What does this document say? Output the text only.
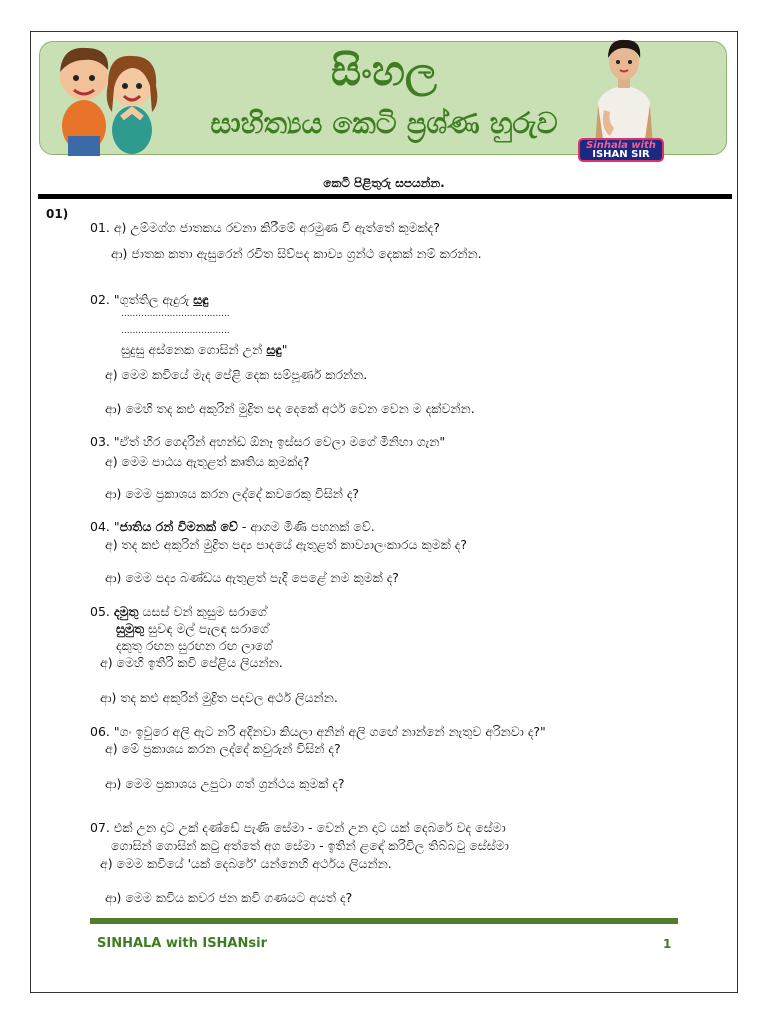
සිංහල
සාහිත්‍යය කෙටි ප්‍රශ්ණ හුරුව
Sinhala with
ISHAN SIR
කෙටි පිළිතුරු සපයන්න.
01)
01. අ) උම්මග්ග ජාතකය රචනා කිරීමේ අරමුණ වී ඇත්තේ කුමක්ද?
ආ) ජාතක කතා ඇසුරෙන් රචිත සිව්පද කාව්‍ය ග්‍රන්ථ දෙකක් නම් කරන්න.
02. "ගුත්තිල ඇදුරු සඳු
......................................
......................................
සුදුසු අස්නෙක ගොසින් උන් සඳු"
අ) මෙම කවියේ මැද පේළි දෙක සම්පූර්ණ කරන්න.
ආ) මෙහි තද කළු අකුරින් මුද්‍රිත පද දෙකේ අර්ථ වෙන වෙන ම දක්වන්න.
03. "ඒත් හිර ගෙදරින් අහන්ඩ ඕනෑ ඉස්සර වෙලා මගේ මිනිහා ගැන"
අ) මෙම පාඨය ඇතුළත් කෘතිය කුමක්ද?
ආ) මෙම ප්‍රකාශය කරන ලද්දේ කවරෙකු විසින් ද?
04. "ජාතිය රන් විමනක් වේ - ආගම මිණි පහනක් වේ.
අ) තද කළු අකුරින් මුද්‍රිත පද්‍ය පාදයේ ඇතුළත් කාව්‍යාලංකාරය කුමක් ද?
ආ) මෙම පද්‍ය බණ්ඩය ඇතුළත් පැදි පෙළේ නම කුමක් ද?
05. දමුතු යසස් වන් කුසුම සරාගේ
සුමුතු සුවඳ මල් පැලඳ සරාගේ
දකුතු රඟන සුරඟන රඟ ලාගේ
අ) මෙහි ඉතිරි කවි පේළිය ලියන්න.
ආ) තද කළු අකුරින් මුද්‍රිත පදවල අර්ථ ලියන්න.
06. "ගං ඉවුරෙ අලි ඇට නරි අදිනවා කියලා අනින් අලි ගඟේ නාන්නේ නැතුව අරිනවා ද?"
අ) මේ ප්‍රකාශය කරන ලද්දේ කවුරුන් විසින් ද?
ආ) මෙම ප්‍රකාශය උපුටා ගත් ග්‍රන්ථය කුමක් ද?
07. එක් උන දාට උක් දණ්ඩේ පැණි සේමා - වෙන් උන දාට යක් දෙබරේ වද සේමා
ගොසින් ගොසින් කටු අත්තේ අග සේමා - ඉතින් ළඳේ කරිවිල තිබ්බටු සේස්මා
අ) මෙම කවියේ 'යක් දෙබරේ' යන්නෙහි අර්ථය ලියන්න.
ආ) මෙම කවිය කවර ජන කවි ගණයට අයත් ද?
SINHALA with ISHANsir	1
